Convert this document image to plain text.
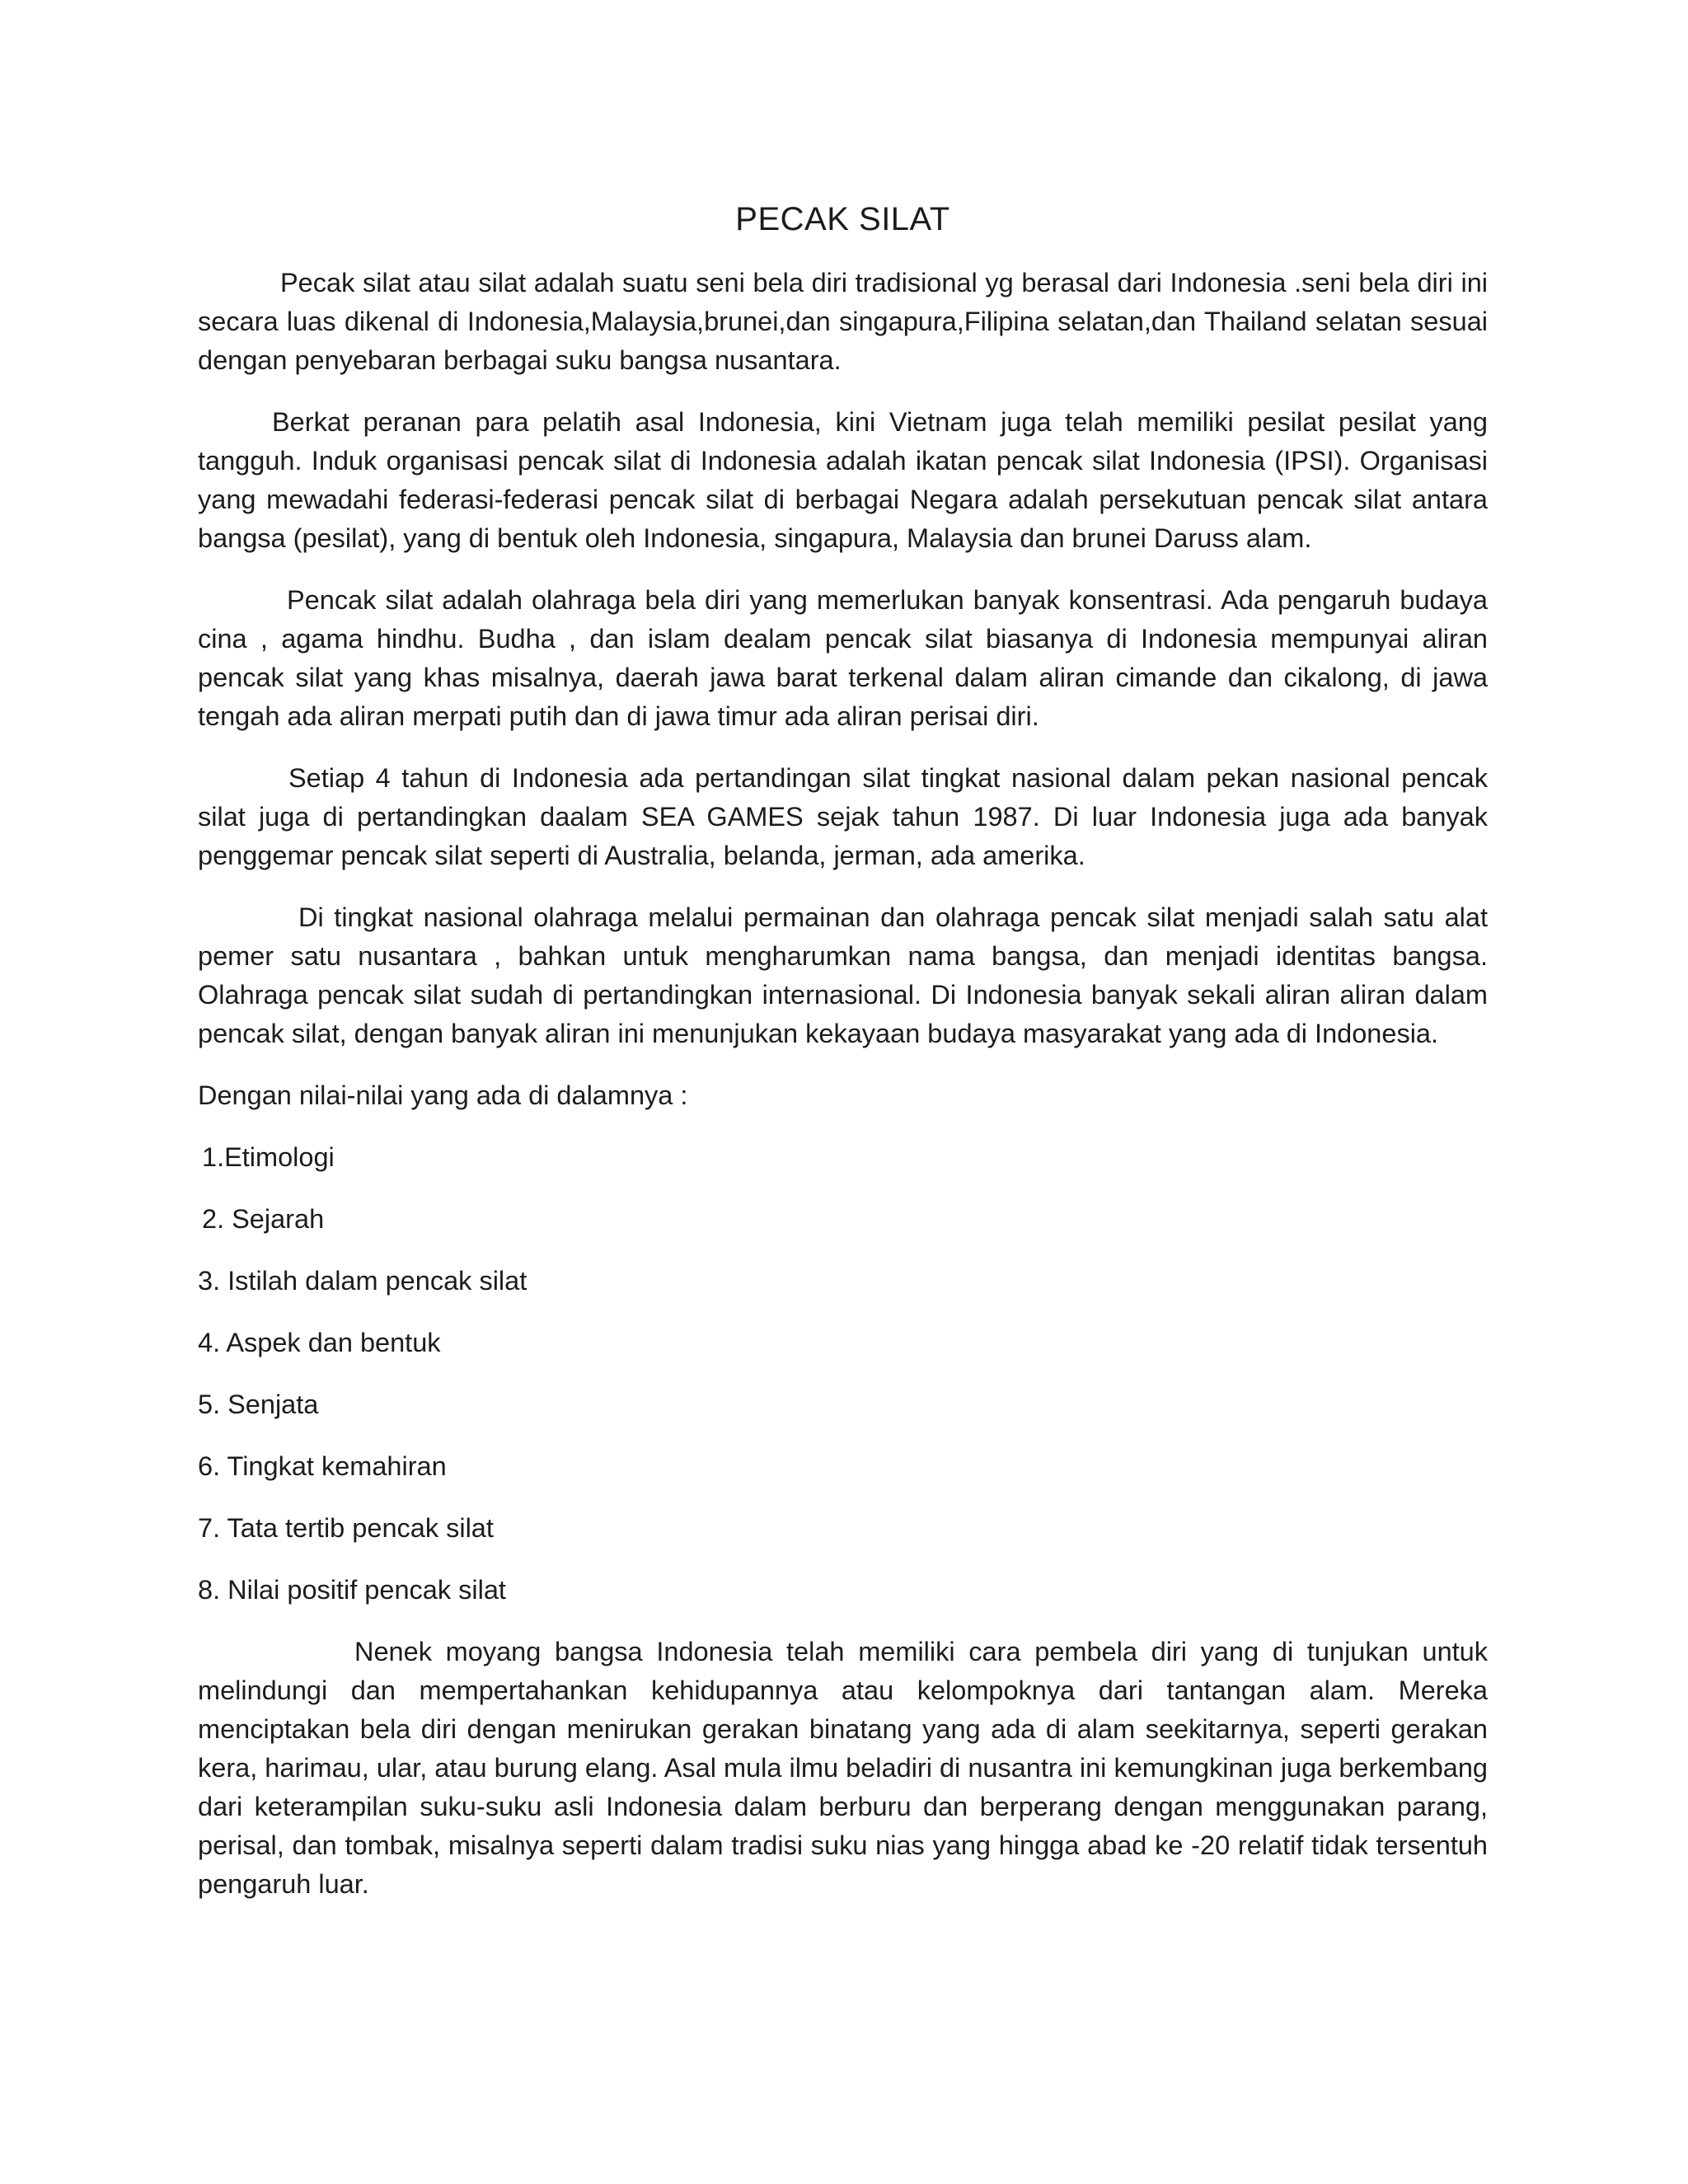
PECAK SILAT

Pecak silat atau silat adalah suatu seni bela diri tradisional yg berasal dari Indonesia .seni bela diri ini secara luas dikenal di Indonesia,Malaysia,brunei,dan singapura,Filipina selatan,dan Thailand selatan sesuai dengan penyebaran berbagai suku bangsa nusantara.

Berkat peranan para pelatih asal Indonesia, kini Vietnam juga telah memiliki pesilat pesilat yang tangguh. Induk organisasi pencak silat di Indonesia adalah ikatan pencak silat Indonesia (IPSI). Organisasi yang mewadahi federasi-federasi pencak silat di berbagai Negara adalah persekutuan pencak silat antara bangsa (pesilat), yang di bentuk oleh Indonesia, singapura, Malaysia dan brunei Daruss alam.

Pencak silat adalah olahraga bela diri yang memerlukan banyak konsentrasi. Ada pengaruh budaya cina , agama hindhu. Budha , dan islam dealam pencak silat biasanya di Indonesia mempunyai aliran pencak silat yang khas misalnya, daerah jawa barat terkenal dalam aliran cimande dan cikalong, di jawa tengah ada aliran merpati putih dan di jawa timur ada aliran perisai diri.

Setiap 4 tahun di Indonesia ada pertandingan silat tingkat nasional dalam pekan nasional pencak silat juga di pertandingkan daalam SEA GAMES sejak tahun 1987. Di luar Indonesia juga ada banyak penggemar pencak silat seperti di Australia, belanda, jerman, ada amerika.

Di tingkat nasional olahraga melalui permainan dan olahraga pencak silat menjadi salah satu alat pemer satu nusantara , bahkan untuk mengharumkan nama bangsa, dan menjadi identitas bangsa. Olahraga pencak silat sudah di pertandingkan internasional. Di Indonesia banyak sekali aliran aliran dalam pencak silat, dengan banyak aliran ini menunjukan kekayaan budaya masyarakat yang ada di Indonesia.

Dengan nilai-nilai yang ada di dalamnya :

1.Etimologi
2. Sejarah
3. Istilah dalam pencak silat
4. Aspek dan bentuk
5. Senjata
6. Tingkat kemahiran
7. Tata tertib pencak silat
8. Nilai positif pencak silat

Nenek moyang bangsa Indonesia telah memiliki cara pembela diri yang di tunjukan untuk melindungi dan mempertahankan kehidupannya atau kelompoknya dari tantangan alam. Mereka menciptakan bela diri dengan menirukan gerakan binatang yang ada di alam seekitarnya, seperti gerakan kera, harimau, ular, atau burung elang. Asal mula ilmu beladiri di nusantra ini kemungkinan juga berkembang dari keterampilan suku-suku asli Indonesia dalam berburu dan berperang dengan menggunakan parang, perisal, dan tombak, misalnya seperti dalam tradisi suku nias yang hingga abad ke -20 relatif tidak tersentuh pengaruh luar.
